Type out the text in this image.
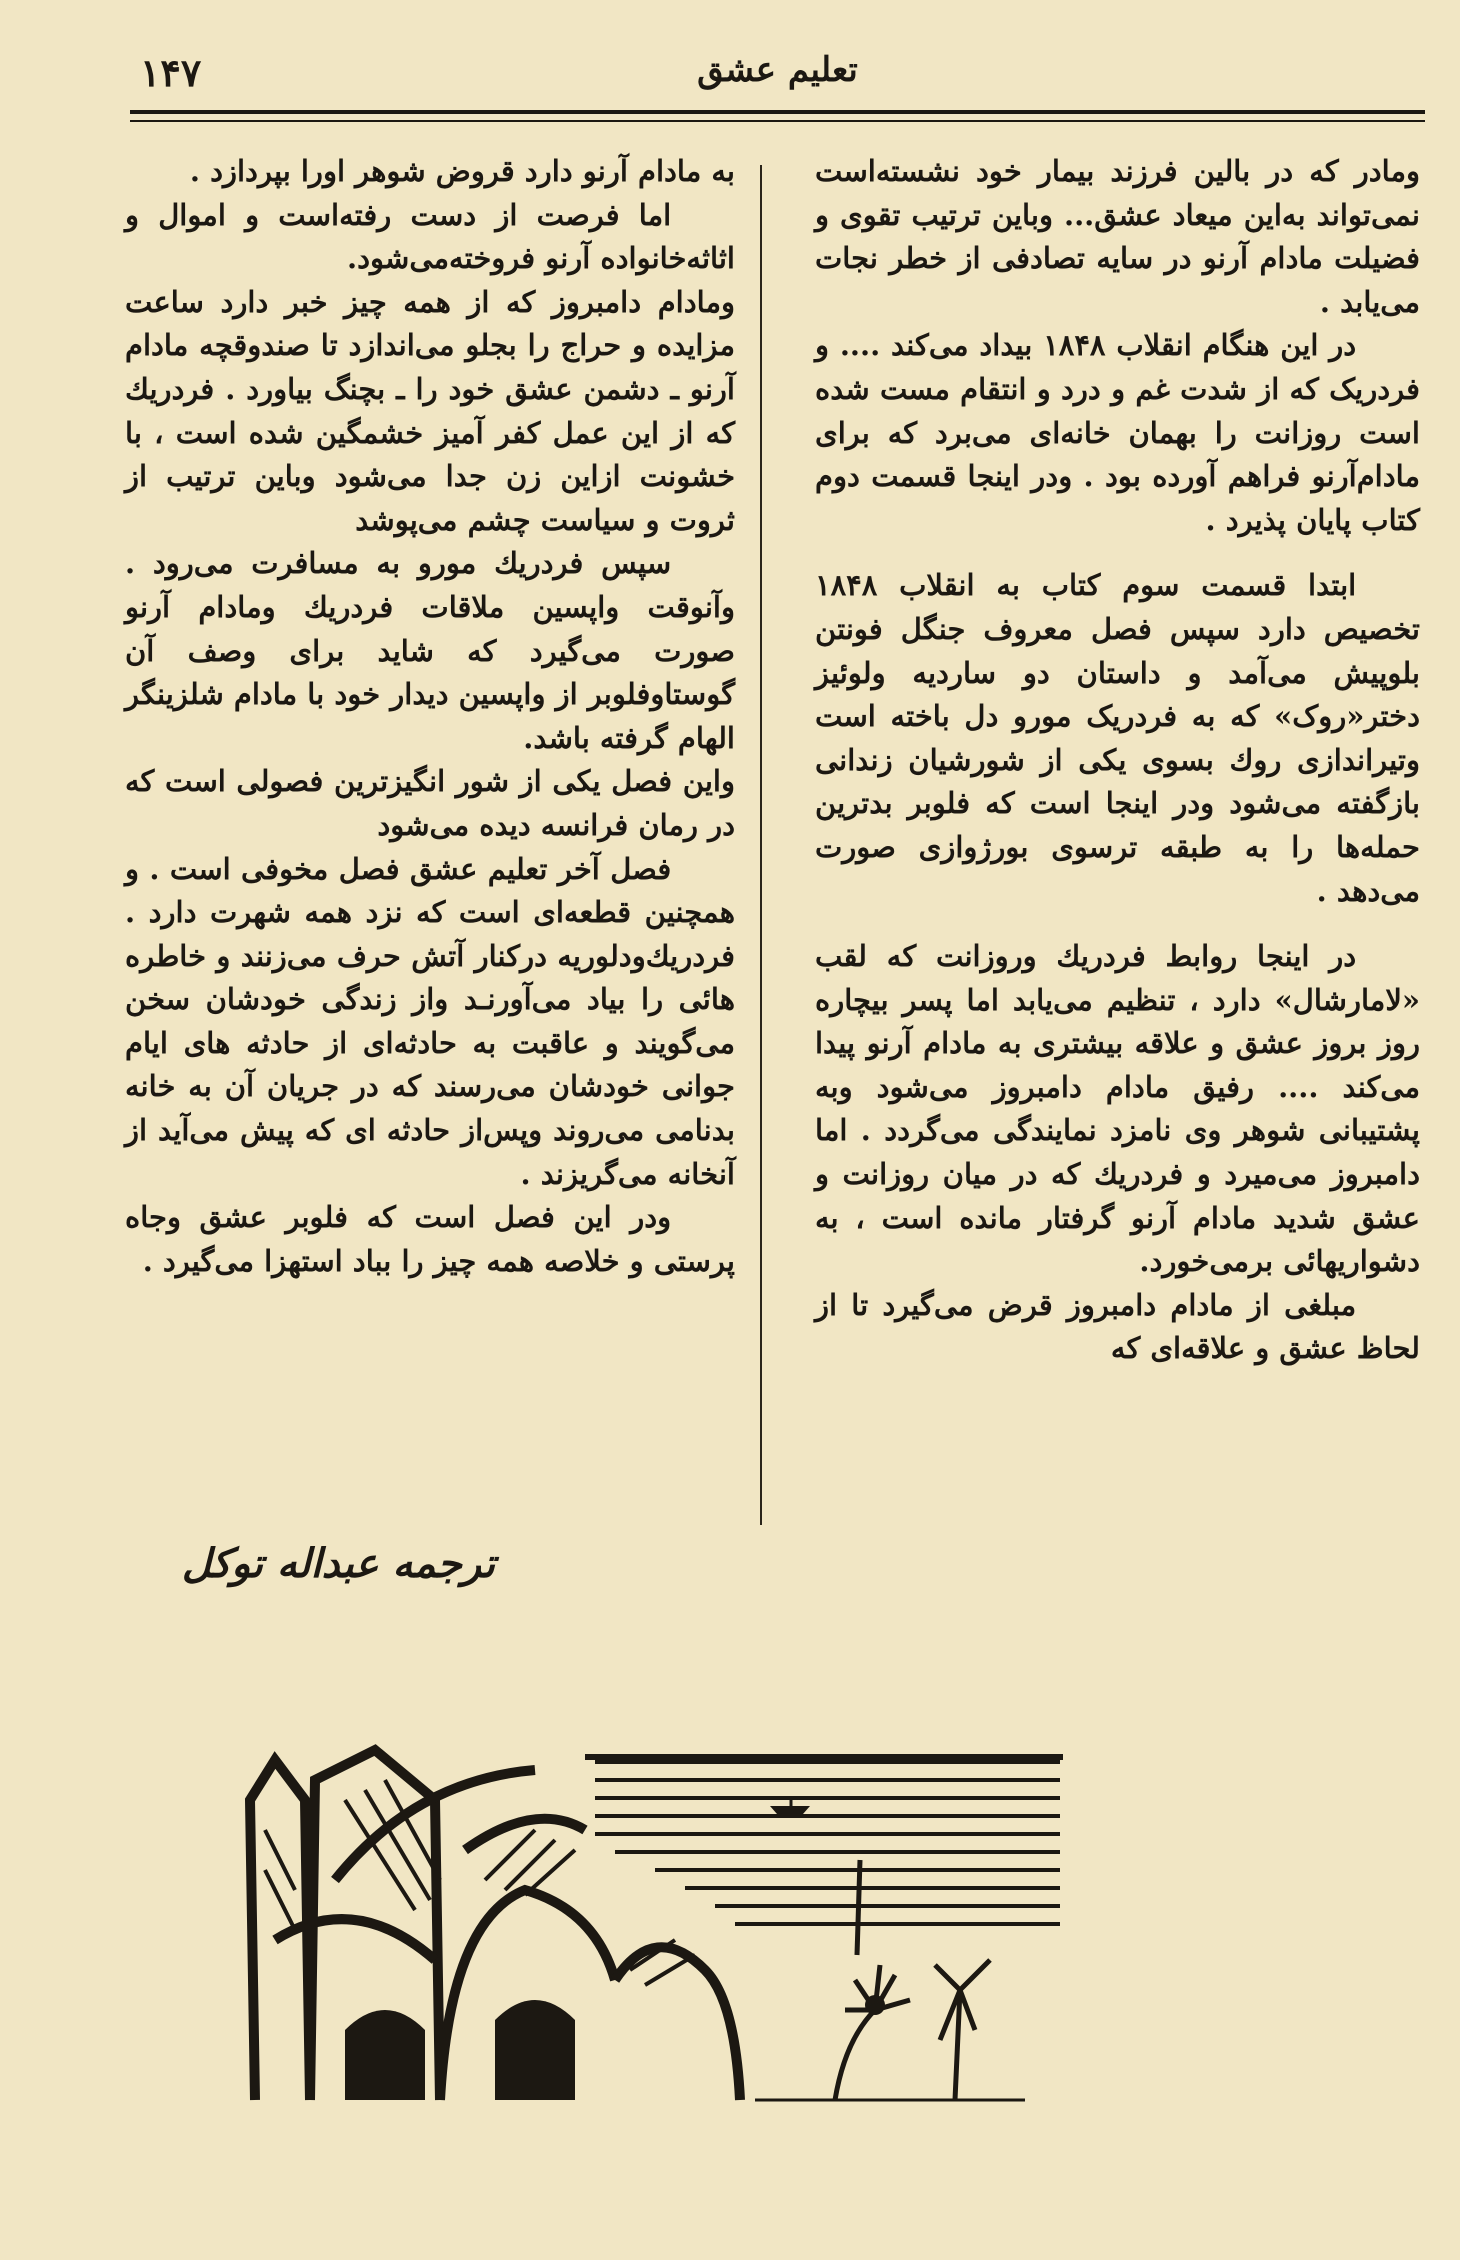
۱۴۷	تعلیم عشق

ومادر که در بالین فرزند بیمار خود نشسته‌است نمی‌تواند به‌این میعاد عشق... وباین ترتیب تقوی و فضیلت مادام آرنو در سایه تصادفی از خطر نجات می‌یابد .

در این هنگام انقلاب ۱۸۴۸ بیداد می‌کند .... و فردریک که از شدت غم و درد و انتقام مست شده است روزانت را بهمان خانه‌ای می‌برد که برای مادام‌آرنو فراهم آورده بود . ودر اینجا قسمت دوم کتاب پایان پذیرد .

ابتدا قسمت سوم کتاب به انقلاب ۱۸۴۸ تخصیص دارد سپس فصل معروف جنگل فونتن بلوپیش می‌آمد و داستان دو ساردیه ولوئیز دختر«روک» که به فردریک مورو دل باخته است وتیراندازی روك بسوی یکی از شورشیان زندانی بازگفته می‌شود ودر اینجا است که فلوبر بدترین حمله‌ها را به طبقه ترسوی بورژوازی صورت می‌دهد .

در اینجا روابط فردریك وروزانت که لقب «لامارشال» دارد ، تنظیم می‌یابد اما پسر بیچاره روز بروز عشق و علاقه بیشتری به مادام آرنو پیدا می‌کند .... رفیق مادام دامبروز می‌شود وبه پشتیبانی شوهر وی نامزد نمایندگی می‌گردد . اما دامبروز می‌میرد و فردریك که در میان روزانت و عشق شدید مادام آرنو گرفتار مانده است ، به دشواریهائی برمی‌خورد.

مبلغی از مادام دامبروز قرض می‌گیرد تا از لحاظ عشق و علاقه‌ای که

به مادام آرنو دارد قروض شوهر اورا بپردازد .

اما فرصت از دست رفته‌است و اموال و اثاثه‌خانواده آرنو فروخته‌می‌شود.

ومادام دامبروز که از همه چیز خبر دارد ساعت مزایده و حراج را بجلو می‌اندازد تا صندوقچه مادام آرنو ـ دشمن عشق خود را ـ بچنگ بیاورد . فردریك که از این عمل کفر آمیز خشمگین شده است ، با خشونت ازاین زن جدا می‌شود وباین ترتیب از ثروت و سیاست چشم می‌پوشد

سپس فردریك مورو به مسافرت می‌رود . وآنوقت واپسین ملاقات فردریك ومادام آرنو صورت می‌گیرد که شاید برای وصف آن گوستاوفلوبر از واپسین دیدار خود با مادام شلزینگر الهام گرفته باشد.

واین فصل یکی از شور انگیزترین فصولی است که در رمان فرانسه دیده می‌شود

فصل آخر تعلیم عشق فصل مخوفی است . و همچنین قطعه‌ای است که نزد همه شهرت دارد . فردریك‌ودلوریه درکنار آتش حرف می‌زنند و خاطره هائی را بیاد می‌آورنـد واز زندگی خودشان سخن می‌گویند و عاقبت به حادثه‌ای از حادثه های ایام جوانی خودشان می‌رسند که در جریان آن به خانه بدنامی می‌روند وپس‌از حادثه ای که پیش می‌آید از آنخانه می‌گریزند .

ودر این فصل است که فلوبر عشق وجاه پرستی و خلاصه همه چیز را بباد استهزا می‌گیرد .

ترجمه عبداله توکل
